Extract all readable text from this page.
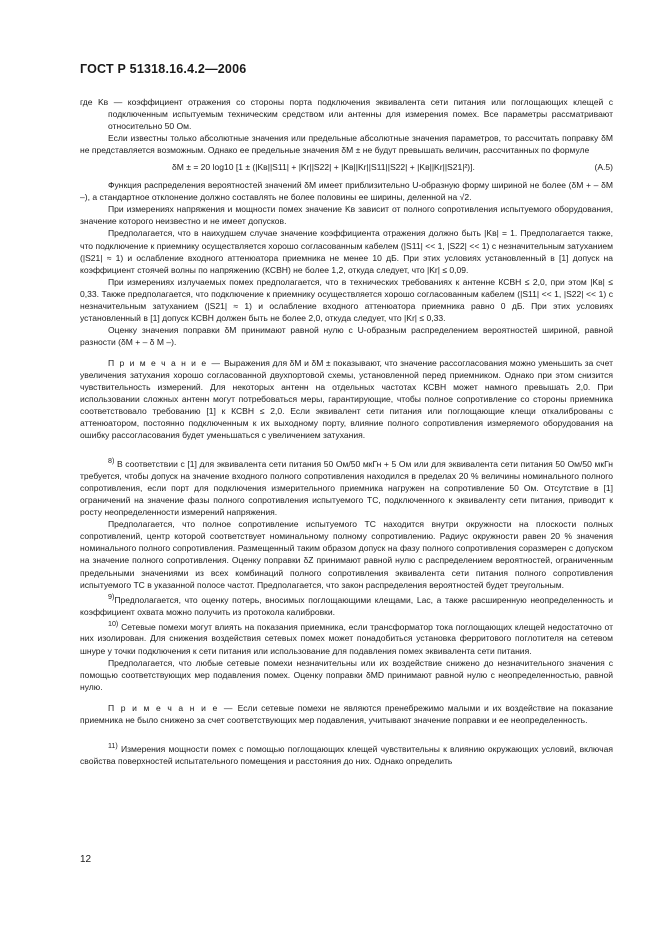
ГОСТ Р 51318.16.4.2—2006

где Kв — коэффициент отражения со стороны порта подключения эквивалента сети питания или поглощающих клещей с подключенным испытуемым техническим средством или антенны для измерения помех. Все параметры рассматривают относительно 50 Ом.

Если известны только абсолютные значения или предельные абсолютные значения параметров, то рассчитать поправку δM не представляется возможным. Однако ее предельные значения δM ± не будут превышать величин, рассчитанных по формуле

δM ± = 20 log10 [1 ± (|Kв||S11| + |Kr||S22| + |Kв||Kr||S11||S22| + |Kв||Kr||S21|²)].	(А.5)

Функция распределения вероятностей значений δM имеет приблизительно U-образную форму шириной не более (δM + – δM –), а стандартное отклонение должно составлять не более половины ее ширины, деленной на √2.

При измерениях напряжения и мощности помех значение Kв зависит от полного сопротивления испытуемого оборудования, значение которого неизвестно и не имеет допусков.

Предполагается, что в наихудшем случае значение коэффициента отражения должно быть |Kв| = 1. Предполагается также, что подключение к приемнику осуществляется хорошо согласованным кабелем (|S11| << 1, |S22| << 1) с незначительным затуханием (|S21| ≈ 1) и ослабление входного аттенюатора приемника не менее 10 дБ. При этих условиях установленный в [1] допуск на коэффициент стоячей волны по напряжению (КСВН) не более 1,2, откуда следует, что |Kr| ≤ 0,09.

При измерениях излучаемых помех предполагается, что в технических требованиях к антенне КСВН ≤ 2,0, при этом |Kв| ≤ 0,33. Также предполагается, что подключение к приемнику осуществляется хорошо согласованным кабелем (|S11| << 1, |S22| << 1) с незначительным затуханием (|S21| ≈ 1) и ослабление входного аттенюатора приемника равно 0 дБ. При этих условиях установленный в [1] допуск КСВН должен быть не более 2,0, откуда следует, что |Kr| ≤ 0,33.

Оценку значения поправки δM принимают равной нулю с U-образным распределением вероятностей шириной, равной разности (δM + – δ M –).

П р и м е ч а н и е — Выражения для δM и δM ± показывают, что значение рассогласования можно уменьшить за счет увеличения затухания хорошо согласованной двухпортовой схемы, установленной перед приемником. Однако при этом снизится чувствительность измерений. Для некоторых антенн на отдельных частотах КСВН может намного превышать 2,0. При использовании сложных антенн могут потребоваться меры, гарантирующие, чтобы полное сопротивление со стороны приемника соответствовало требованию [1] к КСВН ≤ 2,0. Если эквивалент сети питания или поглощающие клещи откалиброваны с аттенюатором, постоянно подключенным к их выходному порту, влияние полного сопротивления измеряемого оборудования на ошибку рассогласования будет уменьшаться с увеличением затухания.

$^{8)}$ В соответствии с [1] для эквивалента сети питания 50 Ом/50 мкГн + 5 Ом или для эквивалента сети питания 50 Ом/50 мкГн требуется, чтобы допуск на значение входного полного сопротивления находился в пределах 20 % величины номинального полного сопротивления, если порт для подключения измерительного приемника нагружен на сопротивление 50 Ом. Отсутствие в [1] ограничений на значение фазы полного сопротивления испытуемого ТС, подключенного к эквиваленту сети питания, приводит к росту неопределенности измерений напряжения.

Предполагается, что полное сопротивление испытуемого ТС находится внутри окружности на плоскости полных сопротивлений, центр которой соответствует номинальному полному сопротивлению. Радиус окружности равен 20 % значения номинального полного сопротивления. Размещенный таким образом допуск на фазу полного сопротивления соразмерен с допуском на значение полного сопротивления. Оценку поправки δZ принимают равной нулю с распределением вероятностей, ограниченным предельными значениями из всех комбинаций полного сопротивления эквивалента сети питания полного сопротивления испытуемого ТС в указанной полосе частот. Предполагается, что закон распределения вероятностей будет треугольным.

$^{9)}$Предполагается, что оценку потерь, вносимых поглощающими клещами, Lac, а также расширенную неопределенность и коэффициент охвата можно получить из протокола калибровки.

$^{10)}$ Сетевые помехи могут влиять на показания приемника, если трансформатор тока поглощающих клещей недостаточно от них изолирован. Для снижения воздействия сетевых помех может понадобиться установка ферритового поглотителя на сетевом шнуре у точки подключения к сети питания или использование для подавления помех эквивалента сети питания.

Предполагается, что любые сетевые помехи незначительны или их воздействие снижено до незначительного значения с помощью соответствующих мер подавления помех. Оценку поправки δMD принимают равной нулю с неопределенностью, равной нулю.

П р и м е ч а н и е — Если сетевые помехи не являются пренебрежимо малыми и их воздействие на показание приемника не было снижено за счет соответствующих мер подавления, учитывают значение поправки и ее неопределенность.

$^{11)}$ Измерения мощности помех с помощью поглощающих клещей чувствительны к влиянию окружающих условий, включая свойства поверхностей испытательного помещения и расстояния до них. Однако определить

12
